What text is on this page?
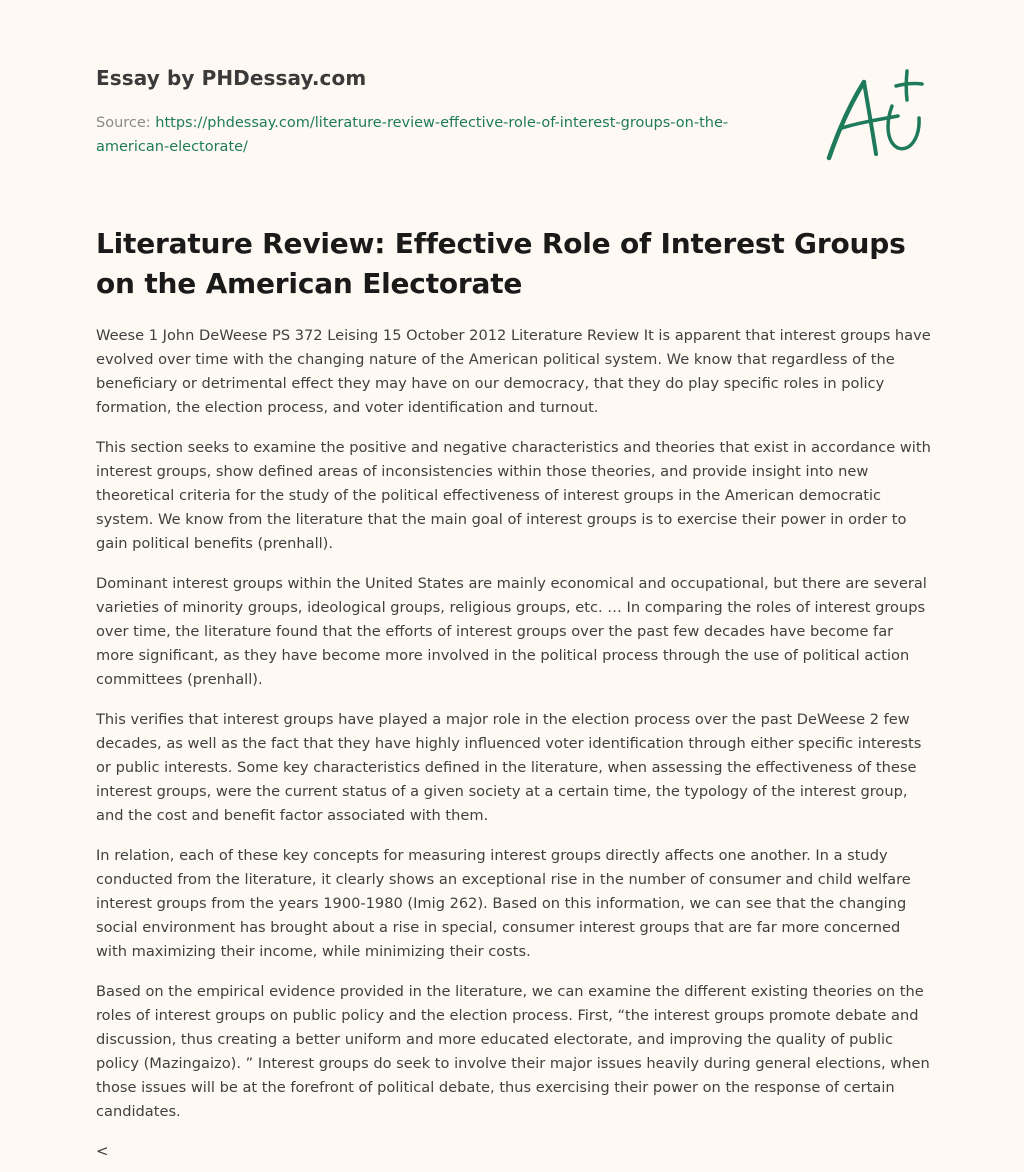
Essay by PHDessay.com

Source: https://phdessay.com/literature-review-effective-role-of-interest-groups-on-the-american-electorate/

Literature Review: Effective Role of Interest Groups on the American Electorate

Weese 1 John DeWeese PS 372 Leising 15 October 2012 Literature Review It is apparent that interest groups have evolved over time with the changing nature of the American political system. We know that regardless of the beneficiary or detrimental effect they may have on our democracy, that they do play specific roles in policy formation, the election process, and voter identification and turnout.

This section seeks to examine the positive and negative characteristics and theories that exist in accordance with interest groups, show defined areas of inconsistencies within those theories, and provide insight into new theoretical criteria for the study of the political effectiveness of interest groups in the American democratic system. We know from the literature that the main goal of interest groups is to exercise their power in order to gain political benefits (prenhall).

Dominant interest groups within the United States are mainly economical and occupational, but there are several varieties of minority groups, ideological groups, religious groups, etc. … In comparing the roles of interest groups over time, the literature found that the efforts of interest groups over the past few decades have become far more significant, as they have become more involved in the political process through the use of political action committees (prenhall).

This verifies that interest groups have played a major role in the election process over the past DeWeese 2 few decades, as well as the fact that they have highly influenced voter identification through either specific interests or public interests. Some key characteristics defined in the literature, when assessing the effectiveness of these interest groups, were the current status of a given society at a certain time, the typology of the interest group, and the cost and benefit factor associated with them.

In relation, each of these key concepts for measuring interest groups directly affects one another. In a study conducted from the literature, it clearly shows an exceptional rise in the number of consumer and child welfare interest groups from the years 1900-1980 (Imig 262). Based on this information, we can see that the changing social environment has brought about a rise in special, consumer interest groups that are far more concerned with maximizing their income, while minimizing their costs.

Based on the empirical evidence provided in the literature, we can examine the different existing theories on the roles of interest groups on public policy and the election process. First, “the interest groups promote debate and discussion, thus creating a better uniform and more educated electorate, and improving the quality of public policy (Mazingaizo). ” Interest groups do seek to involve their major issues heavily during general elections, when those issues will be at the forefront of political debate, thus exercising their power on the response of certain candidates.

<
